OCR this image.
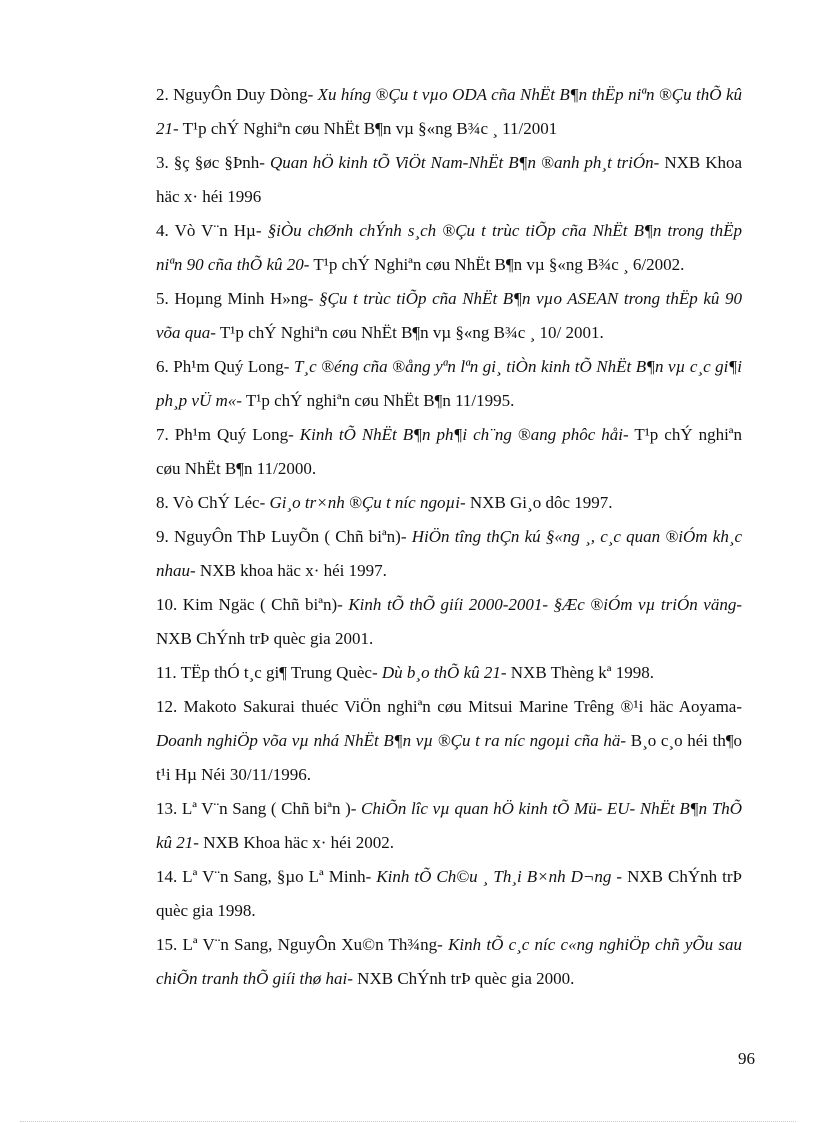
2. NguyÔn Duy Dòng- Xu híng ®Çu t vµo ODA cña NhËt B¶n thËp niªn ®Çu thÕ kû 21- T¹p chÝ Nghiªn cøu NhËt B¶n vµ §«ng B¾c ¸ 11/2001

3. §ç §øc §Þnh- Quan hÖ kinh tÕ ViÖt Nam-NhËt B¶n ®anh ph¸t triÓn- NXB Khoa häc x· héi 1996

4. Vò V¨n Hµ- §iÒu chØnh chÝnh s¸ch ®Çu t trùc tiÕp cña NhËt B¶n trong thËp niªn 90 cña thÕ kû 20- T¹p chÝ Nghiªn cøu NhËt B¶n vµ §«ng B¾c ¸ 6/2002.

5. Hoµng Minh H»ng- §Çu t trùc tiÕp cña NhËt B¶n vµo ASEAN trong thËp kû 90 võa qua- T¹p chÝ Nghiªn cøu NhËt B¶n vµ §«ng B¾c ¸ 10/ 2001.

6. Ph¹m Quý Long- T¸c ®éng cña ®ång yªn lªn gi¸ tiÒn kinh tÕ NhËt B¶n vµ c¸c gi¶i ph¸p vÜ m«- T¹p chÝ nghiªn cøu NhËt B¶n 11/1995.

7. Ph¹m Quý Long- Kinh tÕ NhËt B¶n ph¶i ch¨ng ®ang phôc håi- T¹p chÝ nghiªn cøu NhËt B¶n 11/2000.

8. Vò ChÝ Léc- Gi¸o tr×nh ®Çu t níc ngoµi- NXB Gi¸o dôc 1997.

9. NguyÔn ThÞ LuyÕn ( Chñ biªn)- HiÖn tîng thÇn kú §«ng ¸, c¸c quan ®iÓm kh¸c nhau- NXB khoa häc x· héi 1997.

10. Kim Ngäc ( Chñ biªn)- Kinh tÕ thÕ giíi 2000-2001- §Æc ®iÓm vµ triÓn väng- NXB ChÝnh trÞ quèc gia 2001.

11. TËp thÓ t¸c gi¶ Trung Quèc- Dù b¸o thÕ kû 21- NXB Thèng kª 1998.

12. Makoto Sakurai thuéc ViÖn nghiªn cøu Mitsui Marine Trêng ®¹i häc Aoyama- Doanh nghiÖp võa vµ nhá NhËt B¶n vµ ®Çu t ra níc ngoµi cña hä- B¸o c¸o héi th¶o t¹i Hµ Néi 30/11/1996.

13. Lª V¨n Sang ( Chñ biªn )- ChiÕn lîc vµ quan hÖ kinh tÕ Mü- EU- NhËt B¶n ThÕ kû 21- NXB Khoa häc x· héi 2002.

14. Lª V¨n Sang, §µo Lª Minh- Kinh tÕ Ch©u ¸ Th¸i B×nh D¬ng - NXB ChÝnh trÞ quèc gia 1998.

15. Lª V¨n Sang, NguyÔn Xu©n Th¾ng- Kinh tÕ c¸c níc c«ng nghiÖp chñ yÕu sau chiÕn tranh thÕ giíi thø hai- NXB ChÝnh trÞ quèc gia 2000.

96
